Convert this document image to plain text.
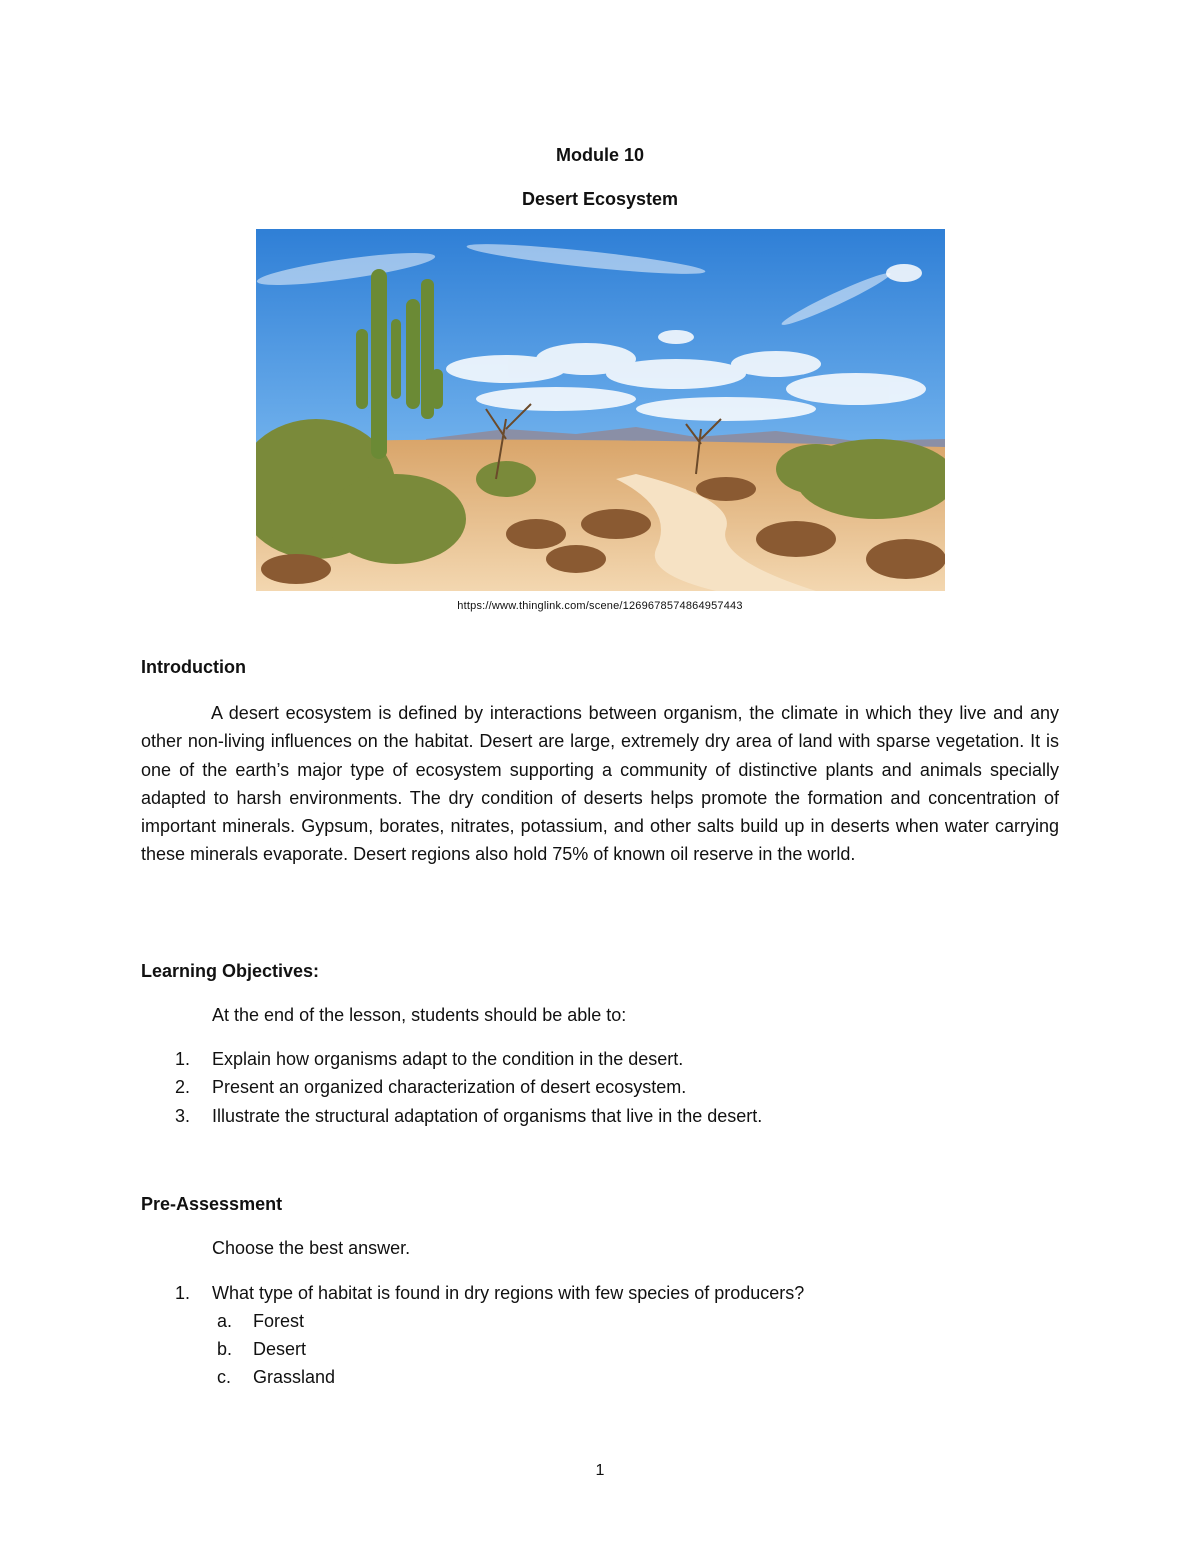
Module 10
Desert Ecosystem
https://www.thinglink.com/scene/1269678574864957443
Introduction

A desert ecosystem is defined by interactions between organism, the climate in which they live and any other non-living influences on the habitat. Desert are large, extremely dry area of land with sparse vegetation. It is one of the earth’s major type of ecosystem supporting a community of distinctive plants and animals specially adapted to harsh environments. The dry condition of deserts helps promote the formation and concentration of important minerals. Gypsum, borates, nitrates, potassium, and other salts build up in deserts when water carrying these minerals evaporate. Desert regions also hold 75% of known oil reserve in the world.

Learning Objectives:
At the end of the lesson, students should be able to:
1. Explain how organisms adapt to the condition in the desert.
2. Present an organized characterization of desert ecosystem.
3. Illustrate the structural adaptation of organisms that live in the desert.
Pre-Assessment
Choose the best answer.
1. What type of habitat is found in dry regions with few species of producers?
a. Forest
b. Desert
c. Grassland
1
